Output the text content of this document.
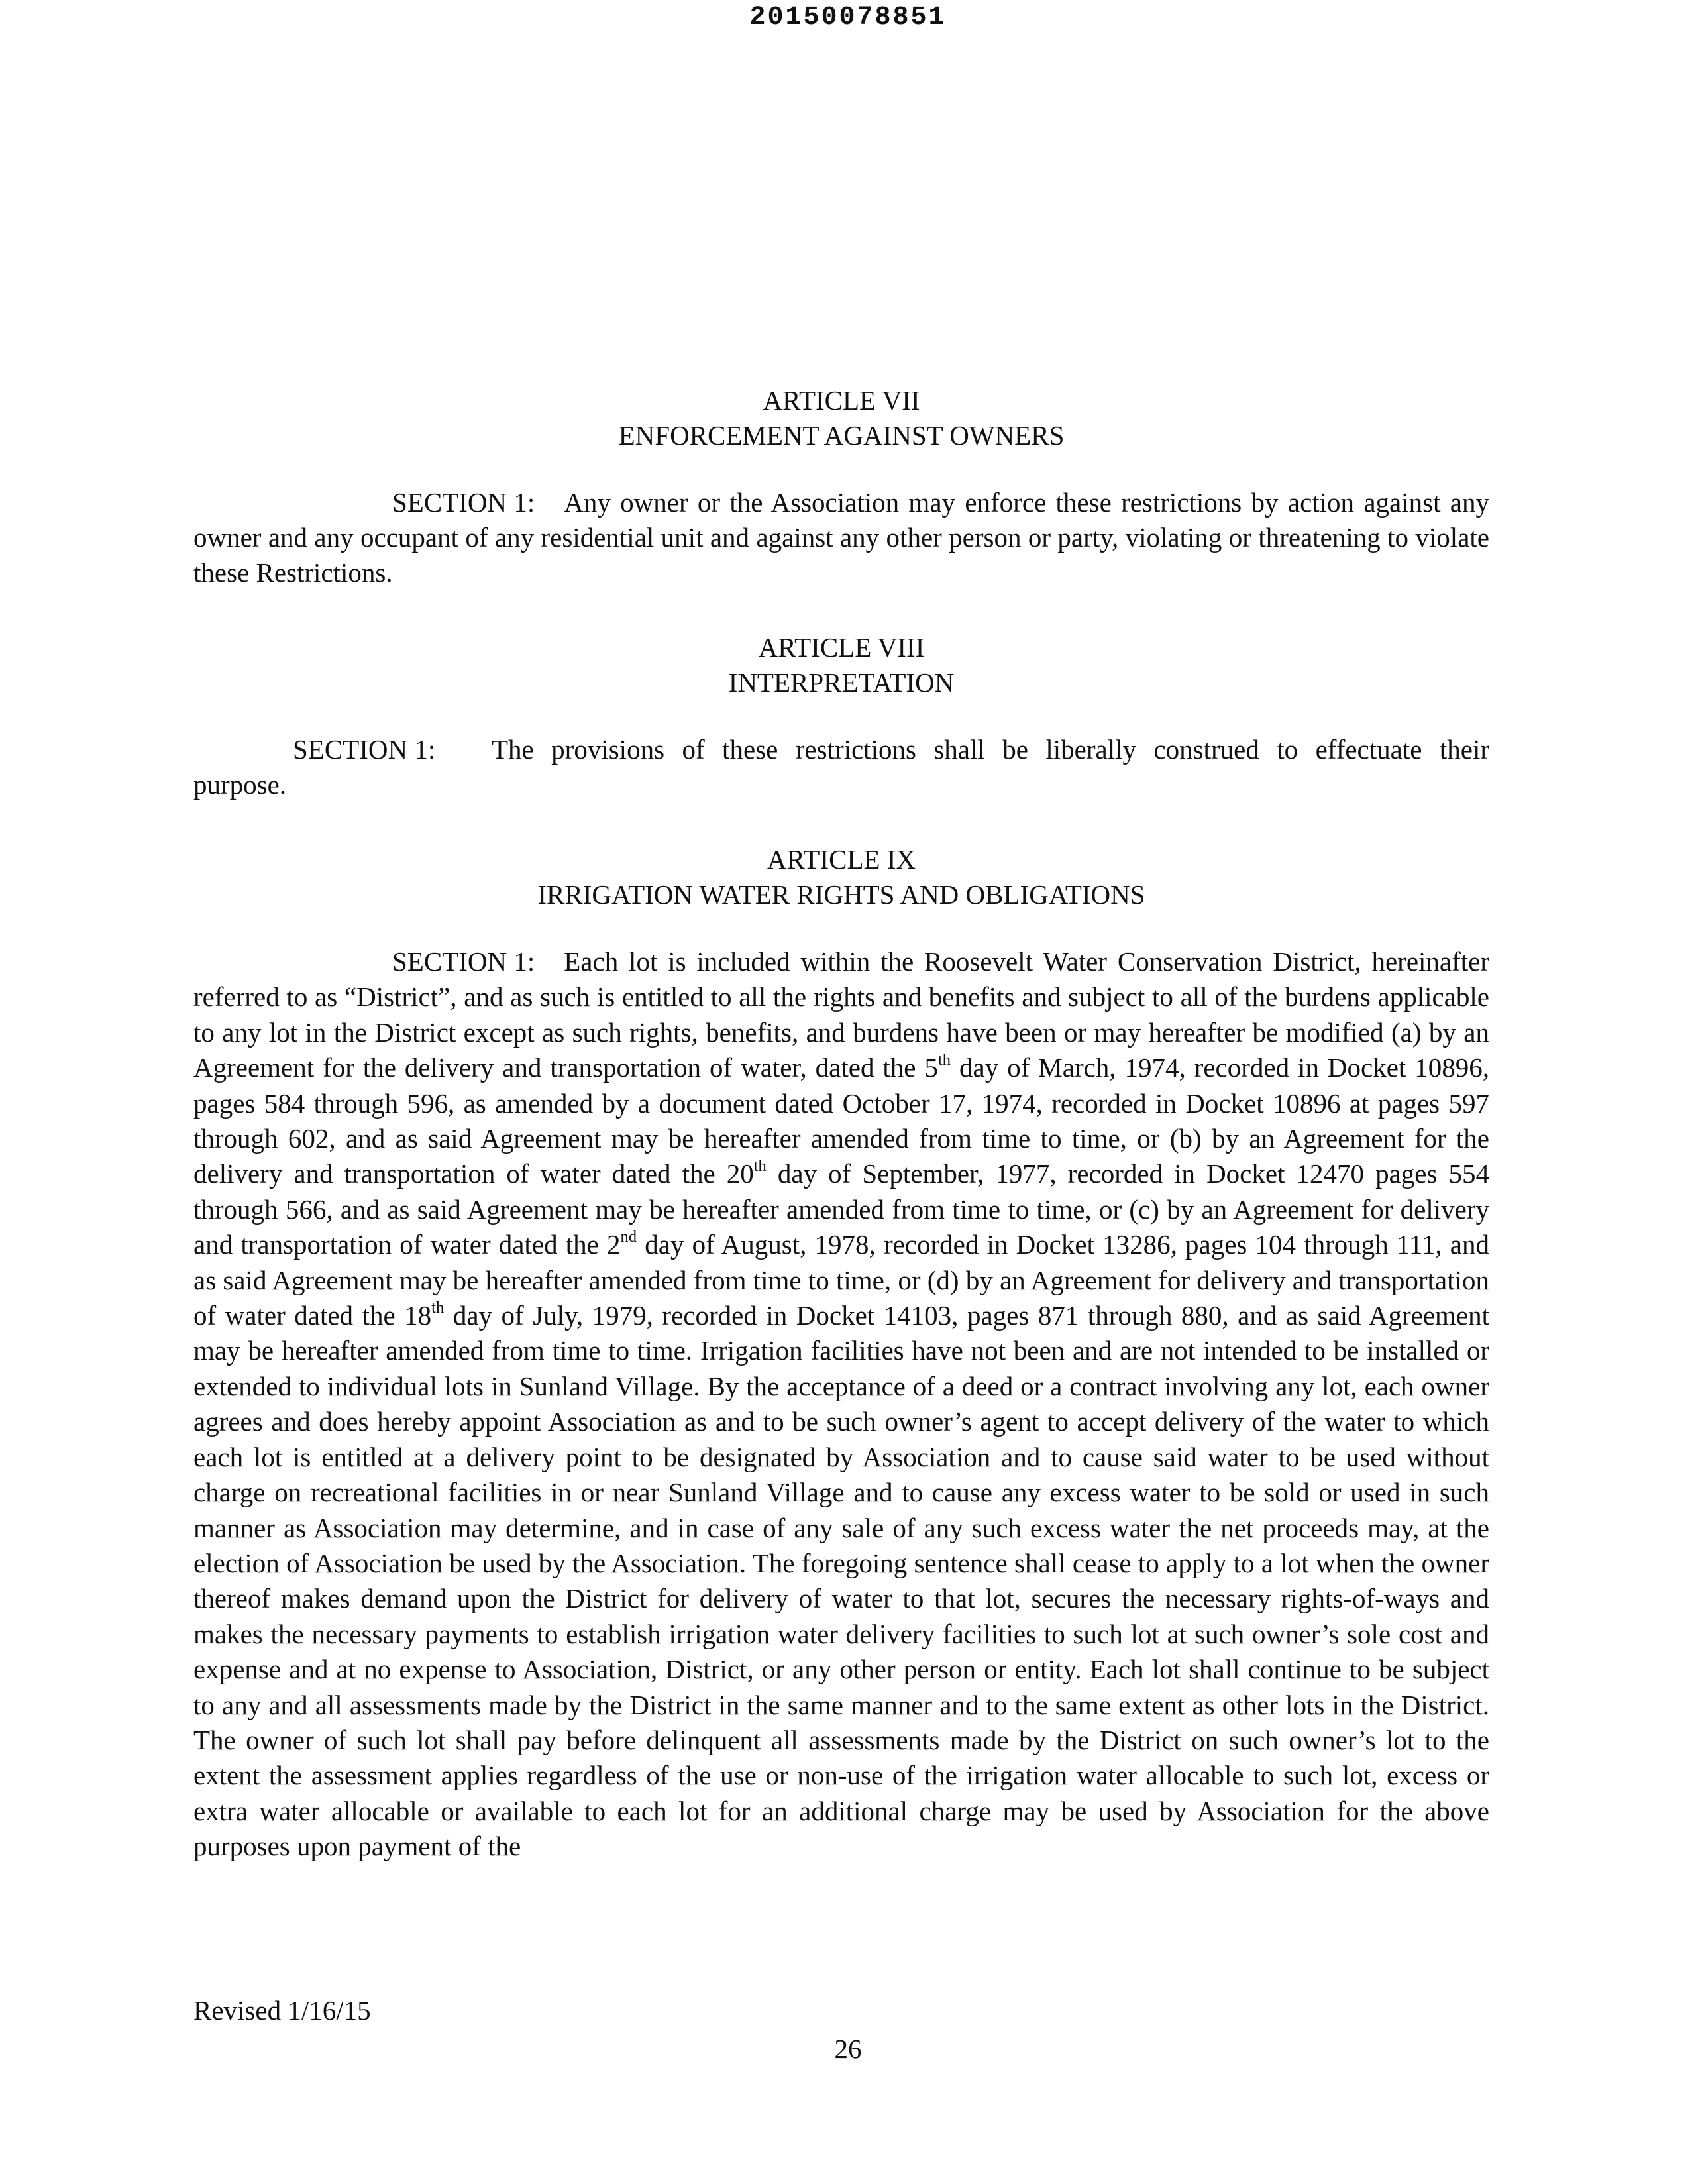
20150078851

ARTICLE VII

ENFORCEMENT AGAINST OWNERS

SECTION 1: Any owner or the Association may enforce these restrictions by action against any owner and any occupant of any residential unit and against any other person or party, violating or threatening to violate these Restrictions.

ARTICLE VIII

INTERPRETATION

SECTION 1:	The provisions of these restrictions shall be liberally construed to effectuate their
purpose.

ARTICLE IX

IRRIGATION WATER RIGHTS AND OBLIGATIONS

SECTION 1: Each lot is included within the Roosevelt Water Conservation District, hereinafter referred to as “District”, and as such is entitled to all the rights and benefits and subject to all of the burdens applicable to any lot in the District except as such rights, benefits, and burdens have been or may hereafter be modified (a) by an Agreement for the delivery and transportation of water, dated the 5th day of March, 1974, recorded in Docket 10896, pages 584 through 596, as amended by a document dated October 17, 1974, recorded in Docket 10896 at pages 597 through 602, and as said Agreement may be hereafter amended from time to time, or (b) by an Agreement for the delivery and transportation of water dated the 20th day of September, 1977, recorded in Docket 12470 pages 554 through 566, and as said Agreement may be hereafter amended from time to time, or (c) by an Agreement for delivery and transportation of water dated the 2nd day of August, 1978, recorded in Docket 13286, pages 104 through 111, and as said Agreement may be hereafter amended from time to time, or (d) by an Agreement for delivery and transportation of water dated the 18th day of July, 1979, recorded in Docket 14103, pages 871 through 880, and as said Agreement may be hereafter amended from time to time. Irrigation facilities have not been and are not intended to be installed or extended to individual lots in Sunland Village. By the acceptance of a deed or a contract involving any lot, each owner agrees and does hereby appoint Association as and to be such owner’s agent to accept delivery of the water to which each lot is entitled at a delivery point to be designated by Association and to cause said water to be used without charge on recreational facilities in or near Sunland Village and to cause any excess water to be sold or used in such manner as Association may determine, and in case of any sale of any such excess water the net proceeds may, at the election of Association be used by the Association. The foregoing sentence shall cease to apply to a lot when the owner thereof makes demand upon the District for delivery of water to that lot, secures the necessary rights-of-ways and makes the necessary payments to establish irrigation water delivery facilities to such lot at such owner’s sole cost and expense and at no expense to Association, District, or any other person or entity. Each lot shall continue to be subject to any and all assessments made by the District in the same manner and to the same extent as other lots in the District. The owner of such lot shall pay before delinquent all assessments made by the District on such owner’s lot to the extent the assessment applies regardless of the use or non-use of the irrigation water allocable to such lot, excess or extra water allocable or available to each lot for an additional charge may be used by Association for the above purposes upon payment of the

Revised 1/16/15
26
